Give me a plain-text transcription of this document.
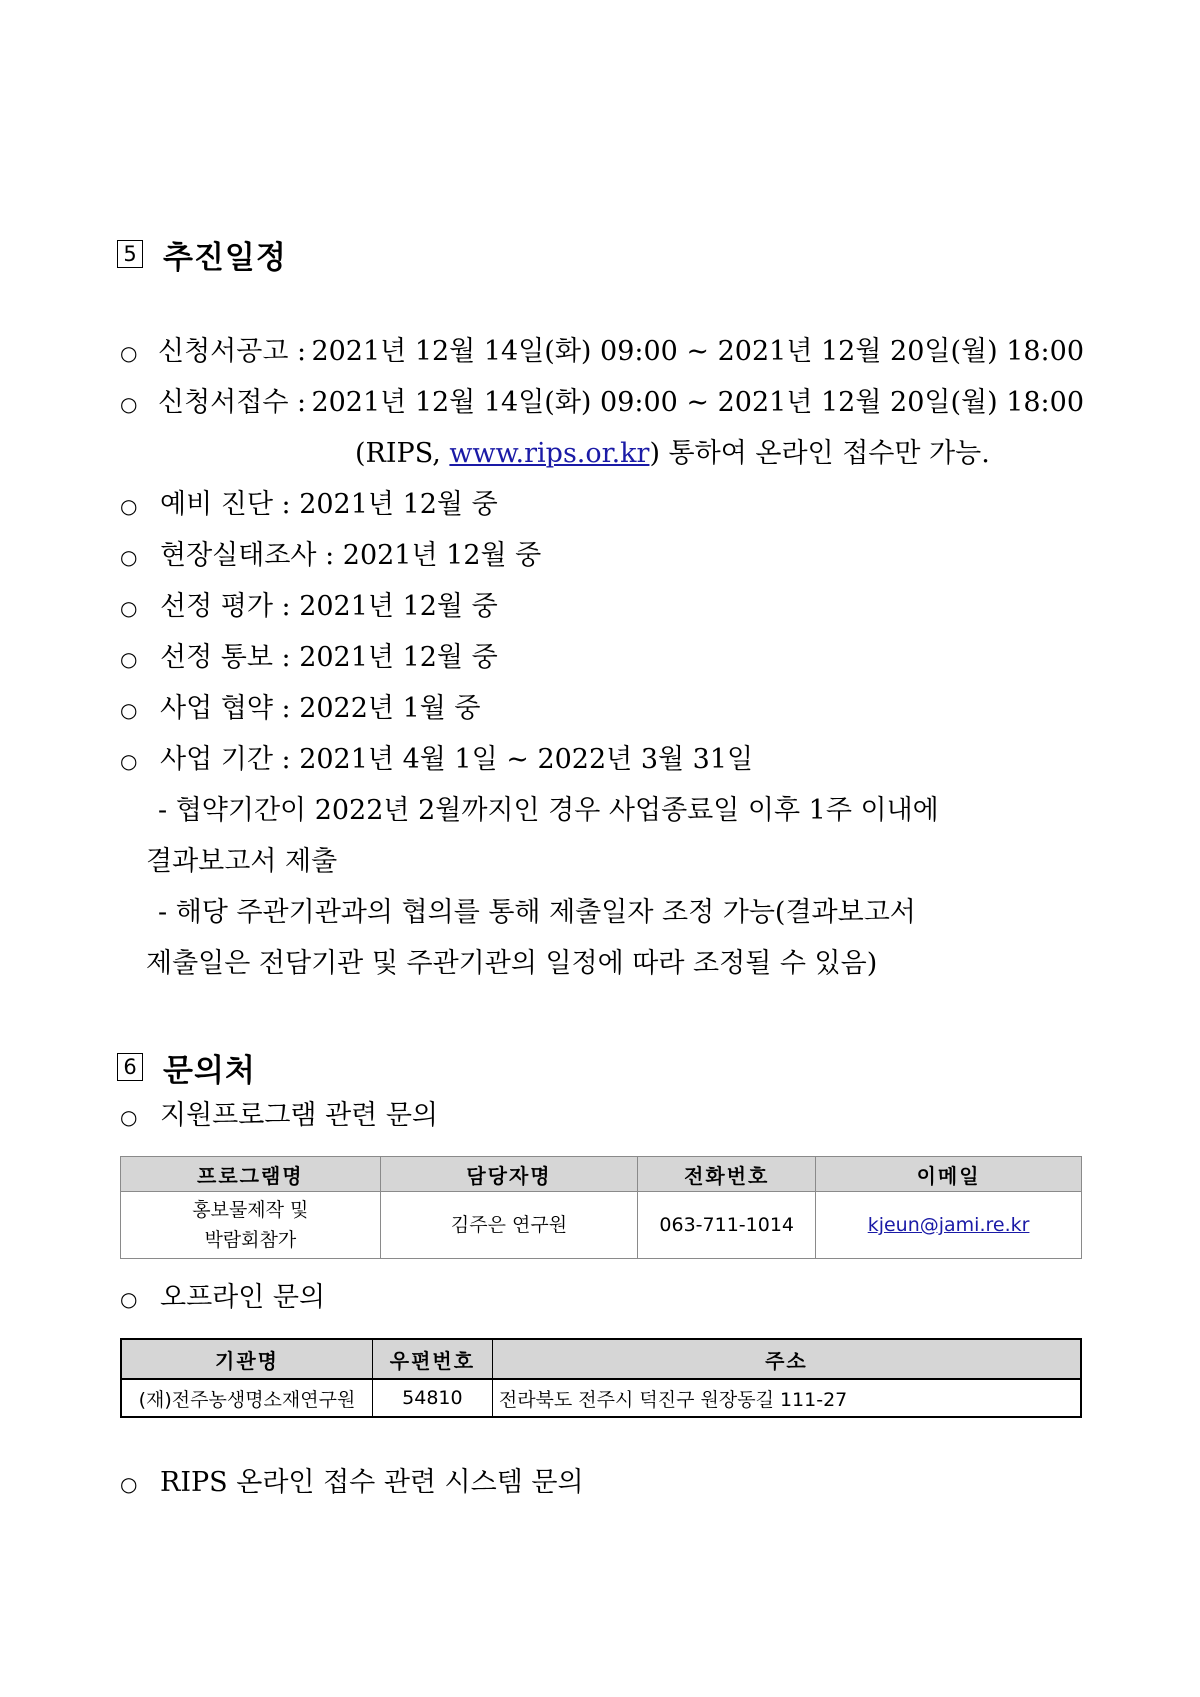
5 추진일정
○ 신청서공고 : 2021년 12월 14일(화) 09:00 ~ 2021년 12월 20일(월) 18:00
○ 신청서접수 : 2021년 12월 14일(화) 09:00 ~ 2021년 12월 20일(월) 18:00
(RIPS, www.rips.or.kr) 통하여 온라인 접수만 가능.
○ 예비 진단 : 2021년 12월 중
○ 현장실태조사 : 2021년 12월 중
○ 선정 평가 : 2021년 12월 중
○ 선정 통보 : 2021년 12월 중
○ 사업 협약 : 2022년 1월 중
○ 사업 기간 : 2021년 4월 1일 ~ 2022년 3월 31일
- 협약기간이 2022년 2월까지인 경우 사업종료일 이후 1주 이내에
결과보고서 제출
- 해당 주관기관과의 협의를 통해 제출일자 조정 가능(결과보고서
제출일은 전담기관 및 주관기관의 일정에 따라 조정될 수 있음)
6 문의처
○ 지원프로그램 관련 문의
프로그램명	담당자명	전화번호	이메일

홍보물제작 및
박람회참가	김주은 연구원	063-711-1014	kjeun@jami.re.kr
○ 오프라인 문의
기관명	우편번호	주소
(재)전주농생명소재연구원	54810	전라북도 전주시 덕진구 원장동길 111-27
○ RIPS 온라인 접수 관련 시스템 문의
